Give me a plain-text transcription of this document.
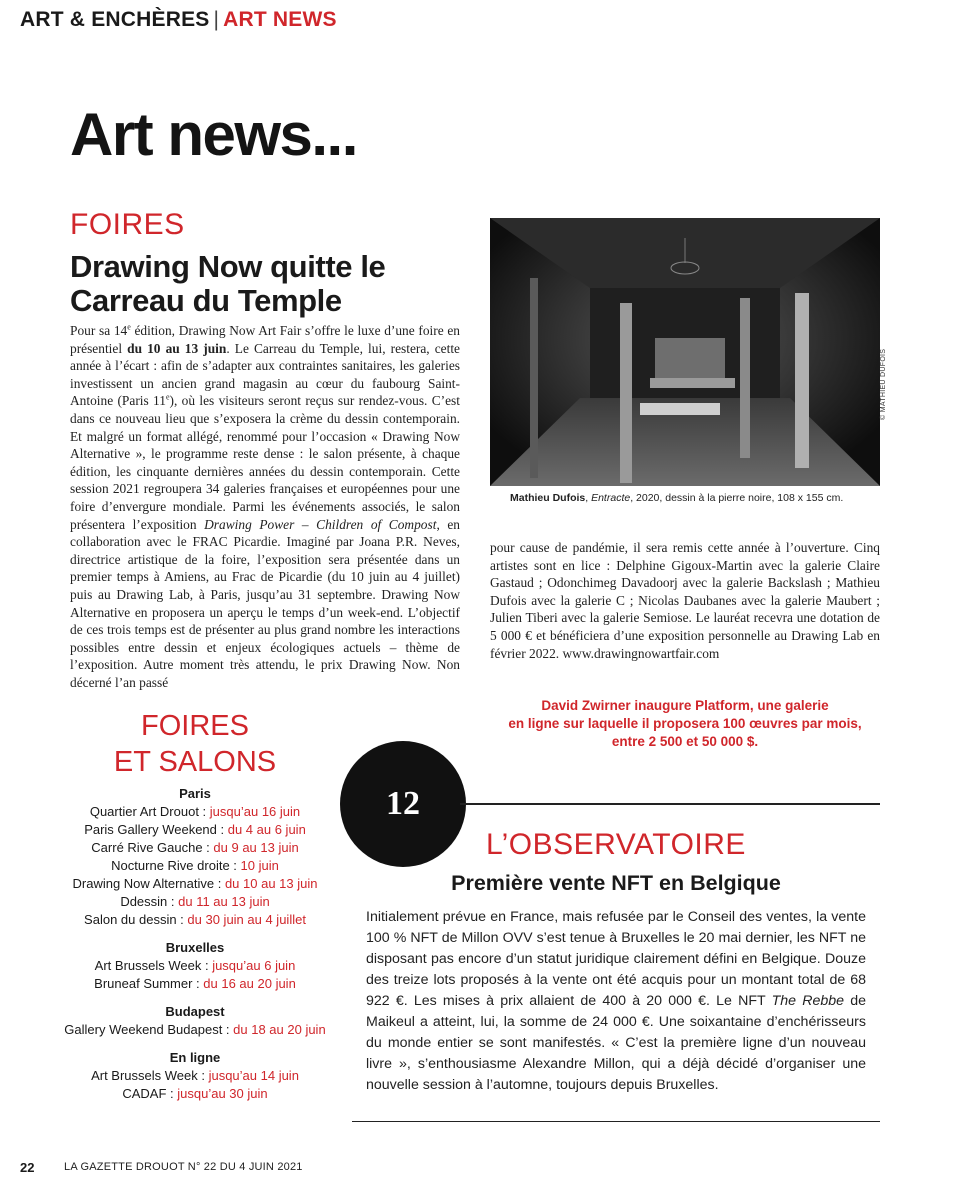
ART & ENCHÈRES | ART NEWS
Art news...
FOIRES
Drawing Now quitte le Carreau du Temple
Pour sa 14e édition, Drawing Now Art Fair s’offre le luxe d’une foire en présentiel du 10 au 13 juin. Le Carreau du Temple, lui, restera, cette année à l’écart : afin de s’adapter aux contraintes sanitaires, les galeries investissent un ancien grand magasin au cœur du faubourg Saint-Antoine (Paris 11e), où les visiteurs seront reçus sur rendez-vous. C’est dans ce nouveau lieu que s’exposera la crème du dessin contemporain. Et malgré un format allégé, renommé pour l’occasion « Drawing Now Alternative », le programme reste dense : le salon présente, à chaque édition, les cinquante dernières années du dessin contemporain. Cette session 2021 regroupera 34 galeries françaises et européennes pour une foire d’envergure mondiale. Parmi les événements associés, le salon présentera l’exposition Drawing Power – Children of Compost, en collaboration avec le FRAC Picardie. Imaginé par Joana P.R. Neves, directrice artistique de la foire, l’exposition sera présentée dans un premier temps à Amiens, au Frac de Picardie (du 10 juin au 4 juillet) puis au Drawing Lab, à Paris, jusqu’au 31 septembre. Drawing Now Alternative en proposera un aperçu le temps d’un week-end. L’objectif de ces trois temps est de présenter au plus grand nombre les interactions possibles entre dessin et enjeux écologiques actuels – thème de l’exposition. Autre moment très attendu, le prix Drawing Now. Non décerné l’an passé
© MATHIEU DUFOIS
Mathieu Dufois, Entracte, 2020, dessin à la pierre noire, 108 x 155 cm.
pour cause de pandémie, il sera remis cette année à l’ouverture. Cinq artistes sont en lice : Delphine Gigoux-Martin avec la galerie Claire Gastaud ; Odonchimeg Davadoorj avec la galerie Backslash ; Mathieu Dufois avec la galerie C ; Nicolas Daubanes avec la galerie Maubert ; Julien Tiberi avec la galerie Semiose. Le lauréat recevra une dotation de 5 000 € et bénéficiera d’une exposition personnelle au Drawing Lab en février 2022. www.drawingnowartfair.com
David Zwirner inaugure Platform, une galerie
en ligne sur laquelle il proposera 100 œuvres par mois,
entre 2 500 et 50 000 $.
FOIRES
ET SALONS
Paris
Quartier Art Drouot : jusqu’au 16 juin
Paris Gallery Weekend : du 4 au 6 juin
Carré Rive Gauche : du 9 au 13 juin
Nocturne Rive droite : 10 juin
Drawing Now Alternative : du 10 au 13 juin
Ddessin : du 11 au 13 juin
Salon du dessin : du 30 juin au 4 juillet
Bruxelles
Art Brussels Week : jusqu’au 6 juin
Bruneaf Summer : du 16 au 20 juin
Budapest
Gallery Weekend Budapest : du 18 au 20 juin
En ligne
Art Brussels Week : jusqu’au 14 juin
CADAF : jusqu’au 30 juin
12
L’OBSERVATOIRE
Première vente NFT en Belgique
Initialement prévue en France, mais refusée par le Conseil des ventes, la vente 100 % NFT de Millon OVV s’est tenue à Bruxelles le 20 mai dernier, les NFT ne disposant pas encore d’un statut juridique clairement défini en Belgique. Douze des treize lots proposés à la vente ont été acquis pour un montant total de 68 922 €. Les mises à prix allaient de 400 à 20 000 €. Le NFT The Rebbe de Maikeul a atteint, lui, la somme de 24 000 €. Une soixantaine d’enchérisseurs du monde entier se sont manifestés. « C’est la première ligne d’un nouveau livre », s’enthousiasme Alexandre Millon, qui a déjà décidé d’organiser une nouvelle session à l’automne, toujours depuis Bruxelles.
22	LA GAZETTE DROUOT N° 22 DU 4 JUIN 2021
